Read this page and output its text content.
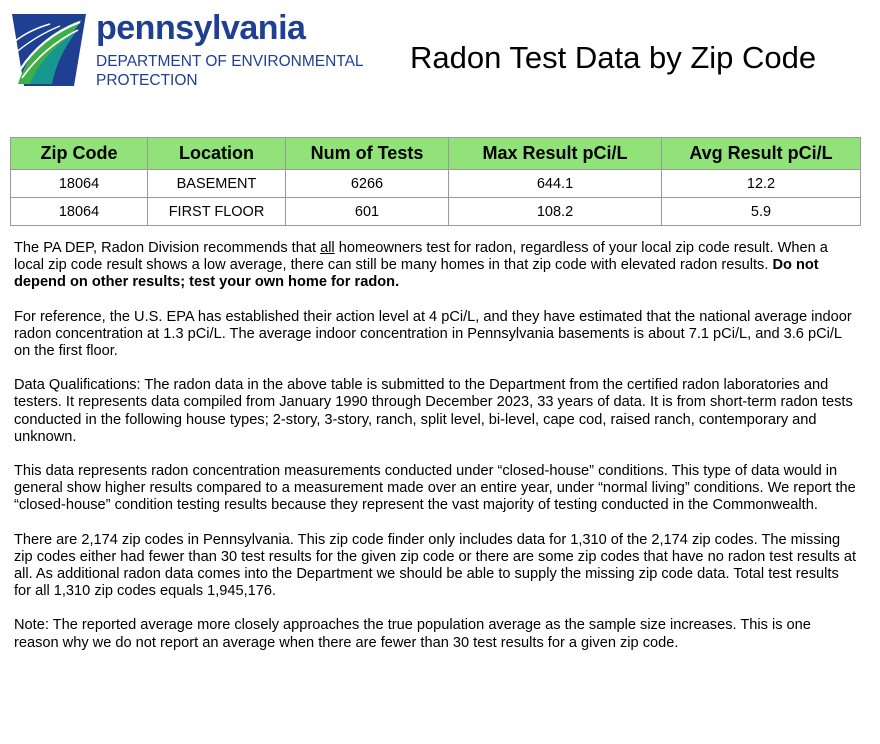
pennsylvania
DEPARTMENT OF ENVIRONMENTAL PROTECTION
Radon Test Data by Zip Code
Zip Code	Location	Num of Tests	Max Result pCi/L	Avg Result pCi/L
18064	BASEMENT	6266	644.1	12.2
18064	FIRST FLOOR	601	108.2	5.9

The PA DEP, Radon Division recommends that all homeowners test for radon, regardless of your local zip code result. When a local zip code result shows a low average, there can still be many homes in that zip code with elevated radon results. Do not depend on other results; test your own home for radon.

For reference, the U.S. EPA has established their action level at 4 pCi/L, and they have estimated that the national average indoor radon concentration at 1.3 pCi/L. The average indoor concentration in Pennsylvania basements is about 7.1 pCi/L, and 3.6 pCi/L on the first floor.

Data Qualifications: The radon data in the above table is submitted to the Department from the certified radon laboratories and testers. It represents data compiled from January 1990 through December 2023, 33 years of data. It is from short-term radon tests conducted in the following house types; 2-story, 3-story, ranch, split level, bi-level, cape cod, raised ranch, contemporary and unknown.

This data represents radon concentration measurements conducted under “closed-house” conditions. This type of data would in general show higher results compared to a measurement made over an entire year, under “normal living” conditions. We report the “closed-house” condition testing results because they represent the vast majority of testing conducted in the Commonwealth.

There are 2,174 zip codes in Pennsylvania. This zip code finder only includes data for 1,310 of the 2,174 zip codes. The missing zip codes either had fewer than 30 test results for the given zip code or there are some zip codes that have no radon test results at all. As additional radon data comes into the Department we should be able to supply the missing zip code data. Total test results for all 1,310 zip codes equals 1,945,176.

Note: The reported average more closely approaches the true population average as the sample size increases. This is one reason why we do not report an average when there are fewer than 30 test results for a given zip code.
